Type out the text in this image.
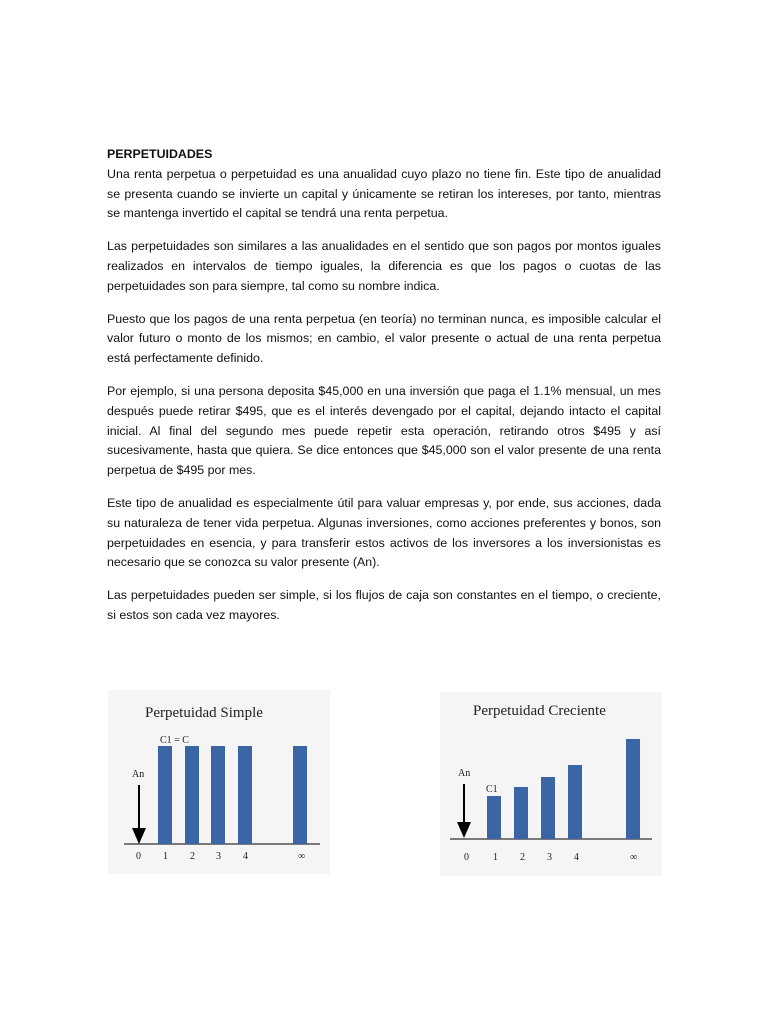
PERPETUIDADES

Una renta perpetua o perpetuidad es una anualidad cuyo plazo no tiene fin. Este tipo de anualidad se presenta cuando se invierte un capital y únicamente se retiran los intereses, por tanto, mientras se mantenga invertido el capital se tendrá una renta perpetua.

Las perpetuidades son similares a las anualidades en el sentido que son pagos por montos iguales realizados en intervalos de tiempo iguales, la diferencia es que los pagos o cuotas de las perpetuidades son para siempre, tal como su nombre indica.

Puesto que los pagos de una renta perpetua (en teoría) no terminan nunca, es imposible calcular el valor futuro o monto de los mismos; en cambio, el valor presente o actual de una renta perpetua está perfectamente definido.

Por ejemplo, si una persona deposita $45,000 en una inversión que paga el 1.1% mensual, un mes después puede retirar $495, que es el interés devengado por el capital, dejando intacto el capital inicial. Al final del segundo mes puede repetir esta operación, retirando otros $495 y así sucesivamente, hasta que quiera. Se dice entonces que $45,000 son el valor presente de una renta perpetua de $495 por mes.

Este tipo de anualidad es especialmente útil para valuar empresas y, por ende, sus acciones, dada su naturaleza de tener vida perpetua. Algunas inversiones, como acciones preferentes y bonos, son perpetuidades en esencia, y para transferir estos activos de los inversores a los inversionistas es necesario que se conozca su valor presente (An).

Las perpetuidades pueden ser simple, si los flujos de caja son constantes en el tiempo, o creciente, si estos son cada vez mayores.

Perpetuidad Simple
An
C1 = C
0 1 2 3 4	∞
Perpetuidad Creciente
An
C1
0 1 2 3 4	∞
